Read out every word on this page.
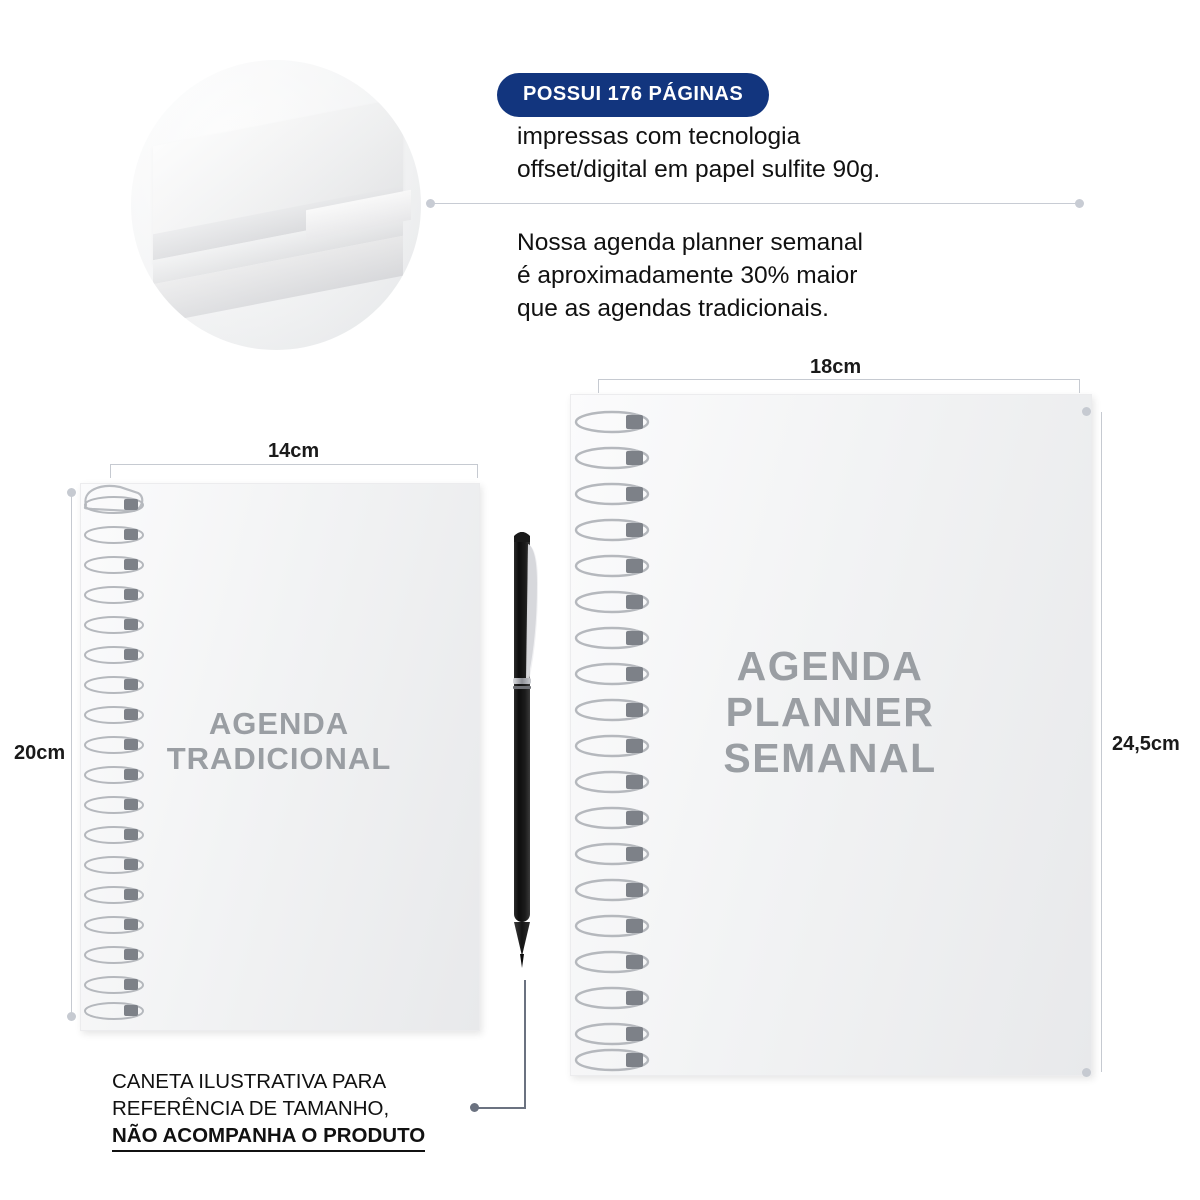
POSSUI 176 PÁGINAS
impressas com tecnologia
offset/digital em papel sulfite 90g.
Nossa agenda planner semanal
é aproximadamente 30% maior
que as agendas tradicionais.
AGENDA
TRADICIONAL
14cm
20cm
AGENDA
PLANNER
SEMANAL
18cm
24,5cm
CANETA ILUSTRATIVA PARA
REFERÊNCIA DE TAMANHO,
NÃO ACOMPANHA O PRODUTO
